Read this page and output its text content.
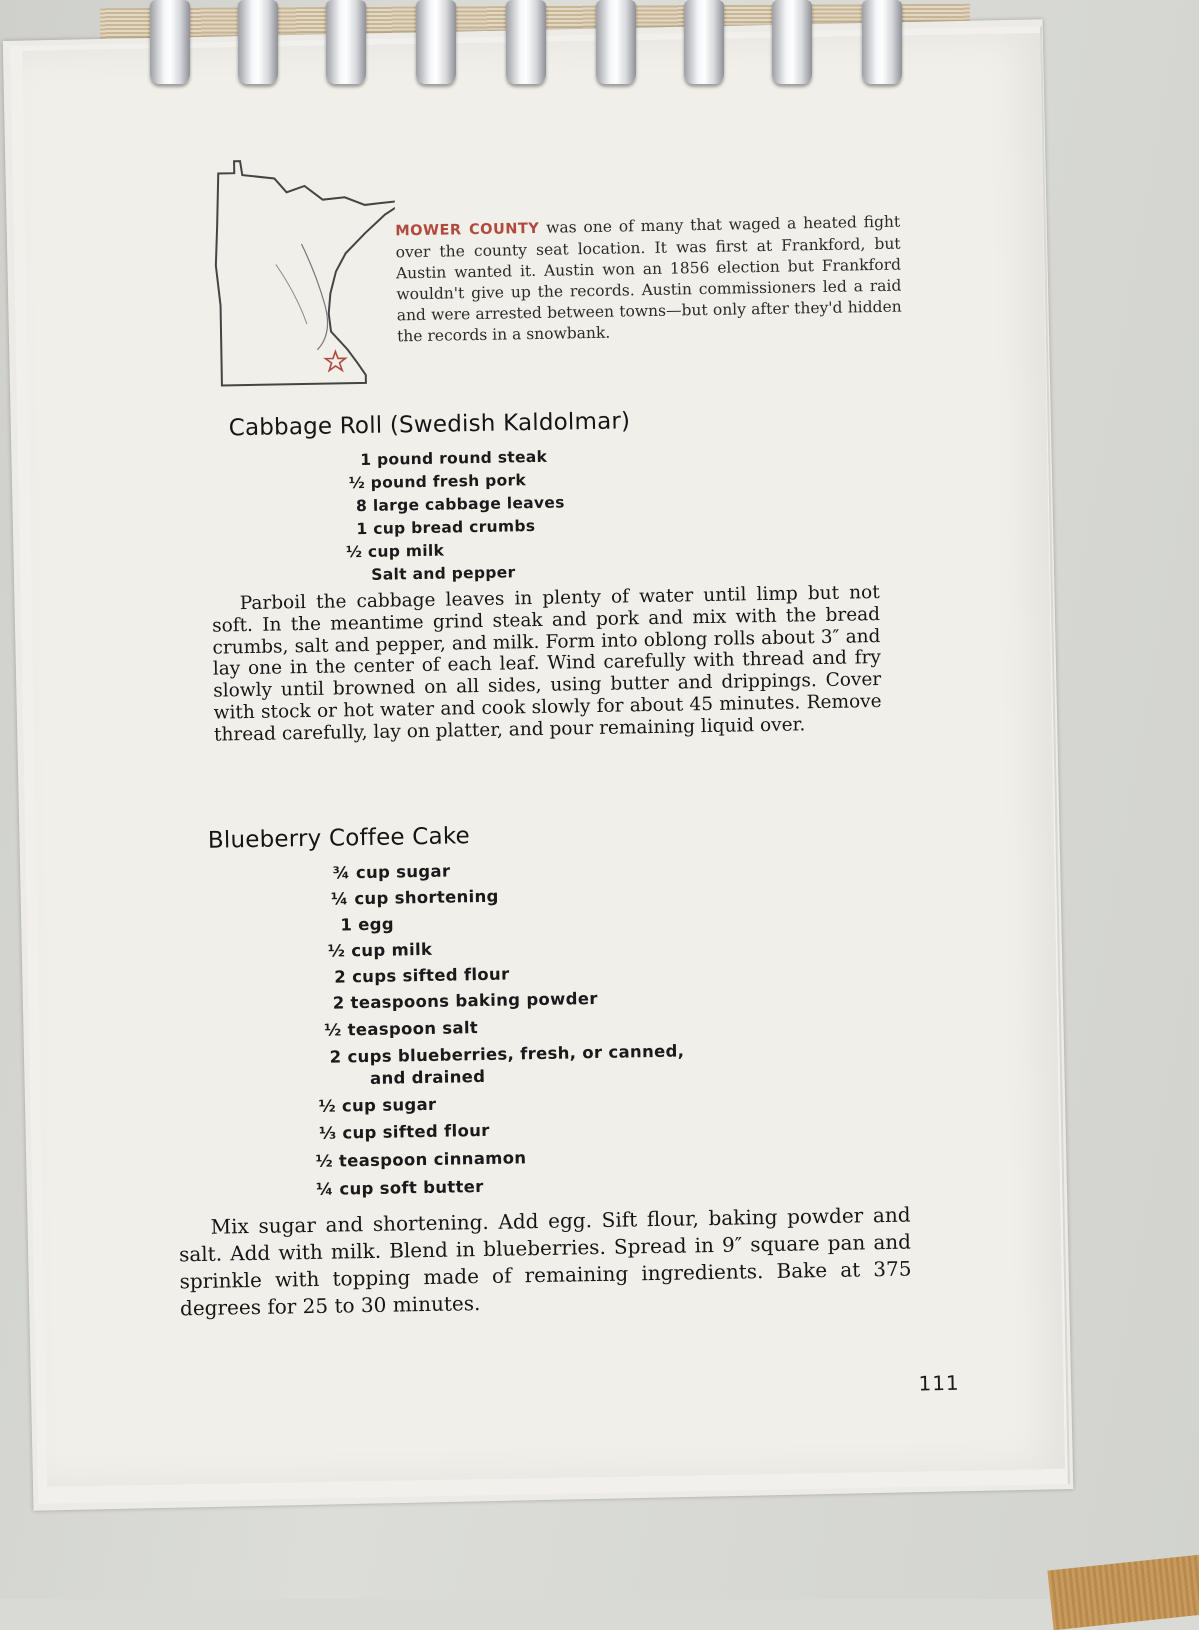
MOWER COUNTY was one of many that waged a heated fight over the county seat location. It was first at Frankford, but Austin wanted it. Austin won an 1856 election but Frankford wouldn't give up the records. Austin commissioners led a raid and were arrested between towns—but only after they'd hidden the records in a snowbank.
Cabbage Roll (Swedish Kaldolmar)
1 pound round steak
½ pound fresh pork
8 large cabbage leaves
1 cup bread crumbs
½ cup milk
Salt and pepper
Parboil the cabbage leaves in plenty of water until limp but not soft. In the meantime grind steak and pork and mix with the bread crumbs, salt and pepper, and milk. Form into oblong rolls about 3″ and lay one in the center of each leaf. Wind carefully with thread and fry slowly until browned on all sides, using butter and drippings. Cover with stock or hot water and cook slowly for about 45 minutes. Remove thread carefully, lay on platter, and pour remaining liquid over.
Blueberry Coffee Cake
¾ cup sugar
¼ cup shortening
1 egg
½ cup milk
2 cups sifted flour
2 teaspoons baking powder
½ teaspoon salt
2 cups blueberries, fresh, or canned,
and drained
½ cup sugar
⅓ cup sifted flour
½ teaspoon cinnamon
¼ cup soft butter
Mix sugar and shortening. Add egg. Sift flour, baking powder and salt. Add with milk. Blend in blueberries. Spread in 9″ square pan and sprinkle with topping made of remaining ingredients. Bake at 375 degrees for 25 to 30 minutes.
111
